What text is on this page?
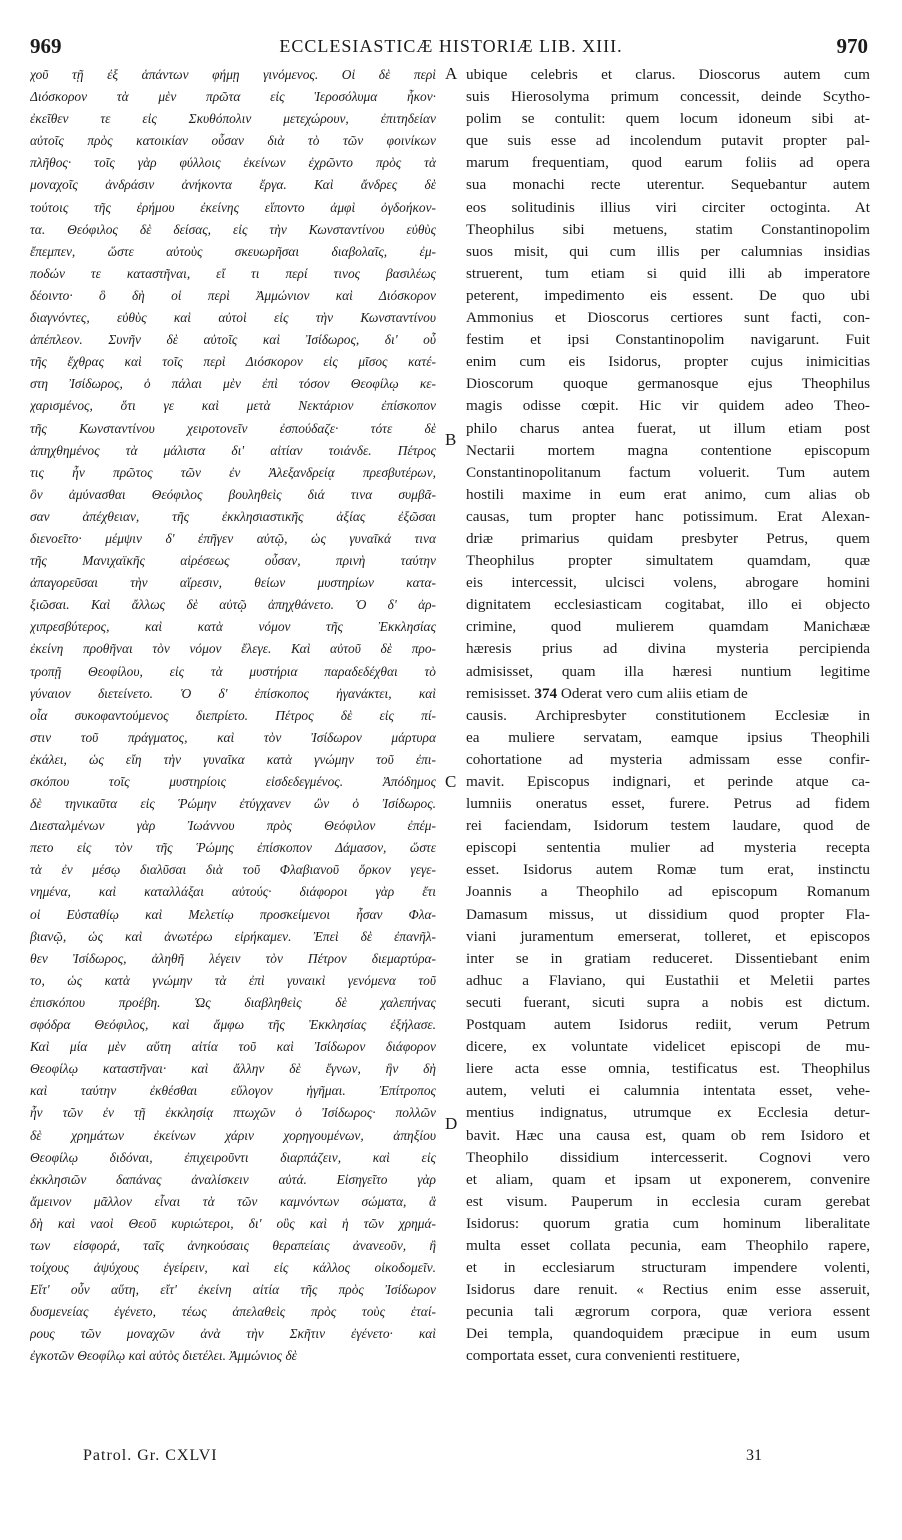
969	ECCLESIASTICÆ HISTORIÆ LIB. XIII.	970
χοῦ τῇ ἐξ ἁπάντων φήμῃ γινόμενος. Οἱ δὲ περὶ
Διόσκορον τὰ μὲν πρῶτα εἰς Ἱεροσόλυμα ἧκον·
ἐκεῖθεν τε εἰς Σκυθόπολιν μετεχώρουν, ἐπιτηδείαν
αὐτοῖς πρὸς κατοικίαν οὖσαν διὰ τὸ τῶν φοινίκων
πλῆθος· τοῖς γὰρ φύλλοις ἐκείνων ἐχρῶντο πρὸς τὰ
μοναχοῖς ἀνδράσιν ἀνήκοντα ἔργα. Καὶ ἄνδρες δὲ
τούτοις τῆς ἐρήμου ἐκείνης εἵποντο ἀμφὶ ὀγδοήκον-
τα. Θεόφιλος δὲ δείσας, εἰς τὴν Κωνσταντίνου εὐθὺς
ἔπεμπεν, ὥστε αὐτοὺς σκευωρῆσαι διαβολαῖς, ἐμ-
ποδών τε καταστῆναι, εἴ τι περί τινος βασιλέως
δέοιντο· ὃ δὴ οἱ περὶ Ἀμμώνιον καὶ Διόσκορον
διαγνόντες, εὐθὺς καὶ αὐτοὶ εἰς τὴν Κωνσταντίνου
ἀπέπλεον. Συνῆν δὲ αὐτοῖς καὶ Ἰσίδωρος, δι' οὗ
τῆς ἔχθρας καὶ τοῖς περὶ Διόσκορον εἰς μῖσος κατέ-
στη Ἰσίδωρος, ὁ πάλαι μὲν ἐπὶ τόσον Θεοφίλῳ κε-
χαρισμένος, ὅτι γε καὶ μετὰ Νεκτάριον ἐπίσκοπον
τῆς Κωνσταντίνου χειροτονεῖν ἐσπούδαζε· τότε δὲ
ἀπηχθημένος τὰ μάλιστα δι' αἰτίαν τοιάνδε. Πέτρος
τις ἦν πρῶτος τῶν ἐν Ἀλεξανδρείᾳ πρεσβυτέρων,
ὃν ἀμύνασθαι Θεόφιλος βουληθεὶς διά τινα συμβᾶ-
σαν ἀπέχθειαν, τῆς ἐκκλησιαστικῆς ἀξίας ἐξῶσαι
διενοεῖτο· μέμψιν δ' ἐπῆγεν αὐτῷ, ὡς γυναῖκά τινα
τῆς Μανιχαϊκῆς αἱρέσεως οὖσαν, πρινὴ ταύτην
ἀπαγορεῦσαι τὴν αἵρεσιν, θείων μυστηρίων κατα-
ξιῶσαι. Καὶ ἄλλως δὲ αὐτῷ ἀπηχθάνετο. Ὁ δ' ἀρ-
χιπρεσβύτερος, καὶ κατὰ νόμον τῆς Ἐκκλησίας
ἐκείνη προθῆναι τὸν νόμον ἔλεγε. Καὶ αὐτοῦ δὲ προ-
τροπῇ Θεοφίλου, εἰς τὰ μυστήρια παραδεδέχθαι τὸ
γύναιον διετείνετο. Ὁ δ' ἐπίσκοπος ἠγανάκτει, καὶ
οἷα συκοφαντούμενος διεπρίετο. Πέτρος δὲ εἰς πί-
στιν τοῦ πράγματος, καὶ τὸν Ἰσίδωρον μάρτυρα
ἐκάλει, ὡς εἴη τὴν γυναῖκα κατὰ γνώμην τοῦ ἐπι-
σκόπου τοῖς μυστηρίοις εἰσδεδεγμένος. Ἀπόδημος
δὲ τηνικαῦτα εἰς Ῥώμην ἐτύγχανεν ὢν ὁ Ἰσίδωρος.
Διεσταλμένων γὰρ Ἰωάννου πρὸς Θεόφιλον ἐπέμ-
πετο εἰς τὸν τῆς Ῥώμης ἐπίσκοπον Δάμασον, ὥστε
τὰ ἐν μέσῳ διαλῦσαι διὰ τοῦ Φλαβιανοῦ ὅρκον γεγε-
νημένα, καὶ καταλλάξαι αὐτούς· διάφοροι γὰρ ἔτι
οἱ Εὐσταθίῳ καὶ Μελετίῳ προσκείμενοι ἦσαν Φλα-
βιανῷ, ὡς καὶ ἀνωτέρω εἰρήκαμεν. Ἐπεὶ δὲ ἐπανῆλ-
θεν Ἰσίδωρος, ἀληθῆ λέγειν τὸν Πέτρον διεμαρτύρα-
το, ὡς κατὰ γνώμην τὰ ἐπὶ γυναικὶ γενόμενα τοῦ
ἐπισκόπου προέβη. Ὡς διαβληθεὶς δὲ χαλεπήνας
σφόδρα Θεόφιλος, καὶ ἄμφω τῆς Ἐκκλησίας ἐξήλασε.
Καὶ μία μὲν αὕτη αἰτία τοῦ καὶ Ἰσίδωρον διάφορον
Θεοφίλῳ καταστῆναι· καὶ ἄλλην δὲ ἔγνων, ἣν δὴ
καὶ ταύτην ἐκθέσθαι εὔλογον ἡγῆμαι. Ἐπίτροπος
ἦν τῶν ἐν τῇ ἐκκλησίᾳ πτωχῶν ὁ Ἰσίδωρος· πολλῶν
δὲ χρημάτων ἐκείνων χάριν χορηγουμένων, ἀπηξίου
Θεοφίλῳ διδόναι, ἐπιχειροῦντι διαρπάζειν, καὶ εἰς
ἐκκλησιῶν δαπάνας ἀναλίσκειν αὐτά. Εἰσηγεῖτο γὰρ
ἄμεινον μᾶλλον εἶναι τὰ τῶν καμνόντων σώματα, ἃ
δὴ καὶ ναοὶ Θεοῦ κυριώτεροι, δι' οὓς καὶ ἡ τῶν χρημά-
των εἰσφορά, ταῖς ἀνηκούσαις θεραπείαις ἀνανεοῦν, ἢ
τοίχους ἀψύχους ἐγείρειν, καὶ εἰς κάλλος οἰκοδομεῖν.
Εἴτ' οὖν αὕτη, εἴτ' ἐκείνη αἰτία τῆς πρὸς Ἰσίδωρον
δυσμενείας ἐγένετο, τέως ἀπελαθεὶς πρὸς τοὺς ἑταί-
ρους τῶν μοναχῶν ἀνὰ τὴν Σκῆτιν ἐγένετο· καὶ
ἐγκοτῶν Θεοφίλῳ καὶ αὐτὸς διετέλει. Ἀμμώνιος δὲ
ubique celebris et clarus. Dioscorus autem cum
suis Hierosolyma primum concessit, deinde Scytho-
polim se contulit: quem locum idoneum sibi at-
que suis esse ad incolendum putavit propter pal-
marum frequentiam, quod earum foliis ad opera
sua monachi recte uterentur. Sequebantur autem
eos solitudinis illius viri circiter octoginta. At
Theophilus sibi metuens, statim Constantinopolim
suos misit, qui cum illis per calumnias insidias
struerent, tum etiam si quid illi ab imperatore
peterent, impedimento eis essent. De quo ubi
Ammonius et Dioscorus certiores sunt facti, con-
festim et ipsi Constantinopolim navigarunt. Fuit
enim cum eis Isidorus, propter cujus inimicitias
Dioscorum quoque germanosque ejus Theophilus
magis odisse cœpit. Hic vir quidem adeo Theo-
philo charus antea fuerat, ut illum etiam post
Nectarii mortem magna contentione episcopum
Constantinopolitanum factum voluerit. Tum autem
hostili maxime in eum erat animo, cum alias ob
causas, tum propter hanc potissimum. Erat Alexan-
driæ primarius quidam presbyter Petrus, quem
Theophilus propter simultatem quamdam, quæ
eis intercessit, ulcisci volens, abrogare homini
dignitatem ecclesiasticam cogitabat, illo ei objecto
crimine, quod mulierem quamdam Manichææ
hæresis prius ad divina mysteria percipienda
admisisset, quam illa hæresi nuntium legitime
remisisset. 374 Oderat vero cum aliis etiam de
causis. Archipresbyter constitutionem Ecclesiæ in
ea muliere servatam, eamque ipsius Theophili
cohortatione ad mysteria admissam esse confir-
mavit. Episcopus indignari, et perinde atque ca-
lumniis oneratus esset, furere. Petrus ad fidem
rei faciendam, Isidorum testem laudare, quod de
episcopi sententia mulier ad mysteria recepta
esset. Isidorus autem Romæ tum erat, instinctu
Joannis a Theophilo ad episcopum Romanum
Damasum missus, ut dissidium quod propter Fla-
viani juramentum emerserat, tolleret, et episcopos
inter se in gratiam reduceret. Dissentiebant enim
adhuc a Flaviano, qui Eustathii et Meletii partes
secuti fuerant, sicuti supra a nobis est dictum.
Postquam autem Isidorus rediit, verum Petrum
dicere, ex voluntate videlicet episcopi de mu-
liere acta esse omnia, testificatus est. Theophilus
autem, veluti ei calumnia intentata esset, vehe-
mentius indignatus, utrumque ex Ecclesia detur-
bavit. Hæc una causa est, quam ob rem Isidoro et
Theophilo dissidium intercesserit. Cognovi vero
et aliam, quam et ipsam ut exponerem, convenire
est visum. Pauperum in ecclesia curam gerebat
Isidorus: quorum gratia cum hominum liberalitate
multa esset collata pecunia, eam Theophilo rapere,
et in ecclesiarum structuram impendere volenti,
Isidorus dare renuit. « Rectius enim esse asseruit,
pecunia tali ægrorum corpora, quæ veriora essent
Dei templa, quandoquidem præcipue in eum usum
comportata esset, cura convenienti restituere,
A
B
C
D
Patrol. Gr. CXLVI	31
